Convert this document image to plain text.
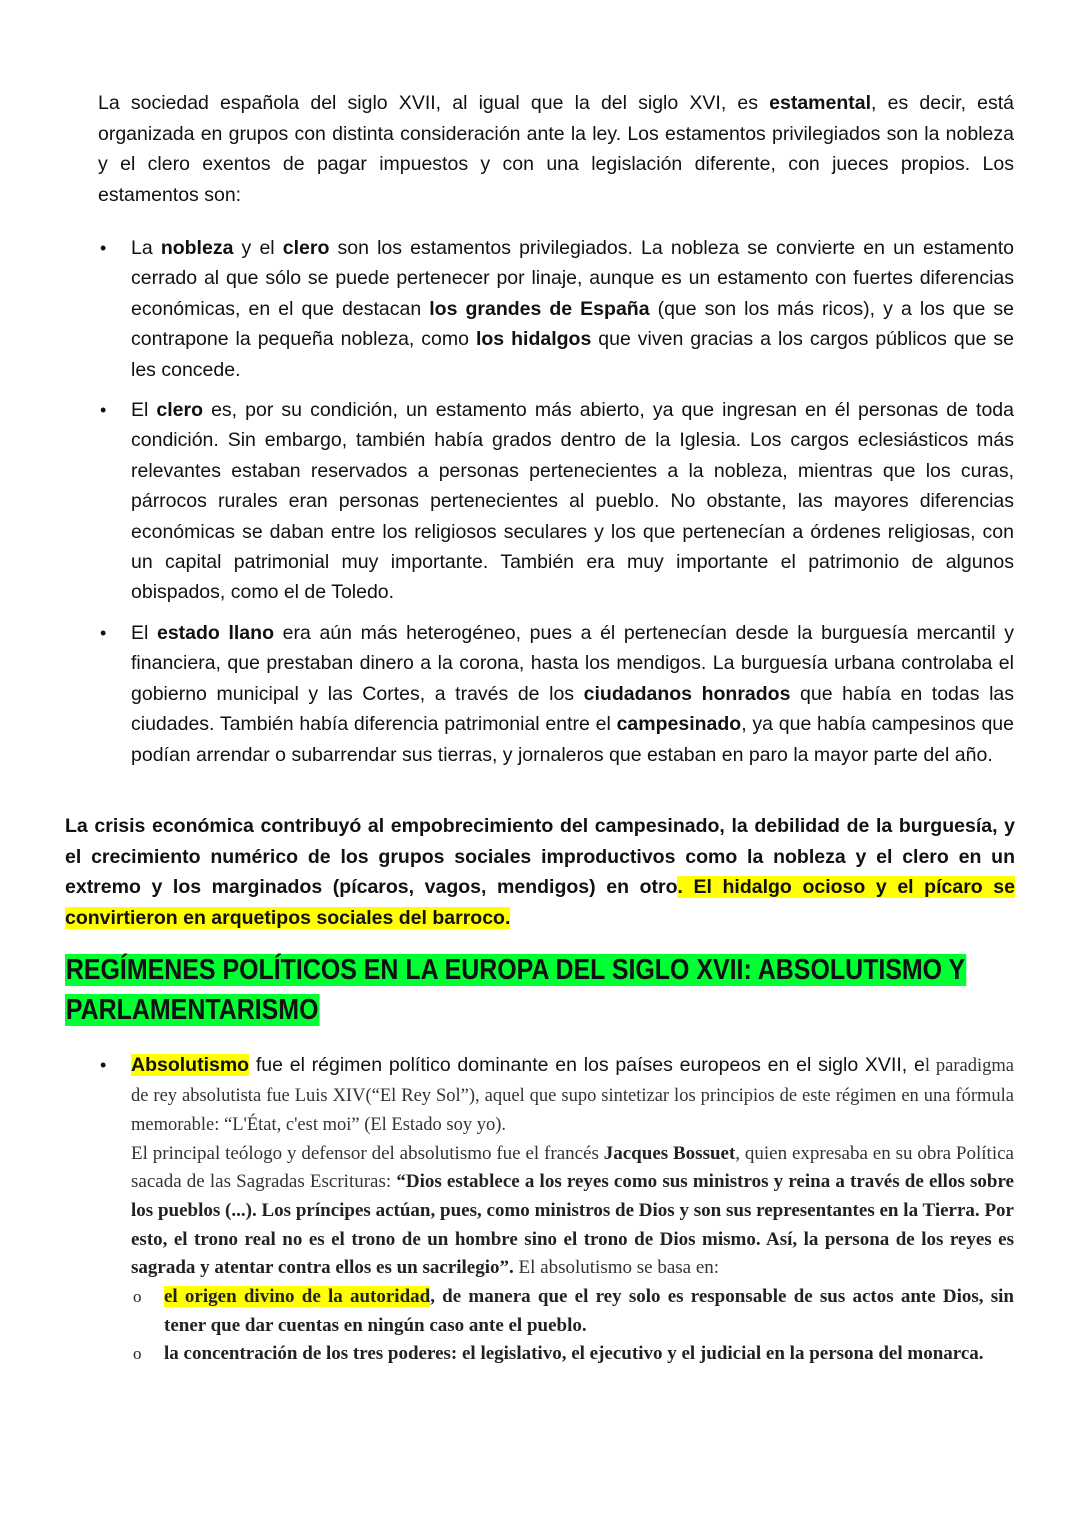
La sociedad española del siglo XVII, al igual que la del siglo XVI, es estamental, es decir, está organizada en grupos con distinta consideración ante la ley. Los estamentos privilegiados son la nobleza y el clero exentos de pagar impuestos y con una legislación diferente, con jueces propios. Los estamentos son:

• La nobleza y el clero son los estamentos privilegiados. La nobleza se convierte en un estamento cerrado al que sólo se puede pertenecer por linaje, aunque es un estamento con fuertes diferencias económicas, en el que destacan los grandes de España (que son los más ricos), y a los que se contrapone la pequeña nobleza, como los hidalgos que viven gracias a los cargos públicos que se les concede.
• El clero es, por su condición, un estamento más abierto, ya que ingresan en él personas de toda condición. Sin embargo, también había grados dentro de la Iglesia. Los cargos eclesiásticos más relevantes estaban reservados a personas pertenecientes a la nobleza, mientras que los curas, párrocos rurales eran personas pertenecientes al pueblo. No obstante, las mayores diferencias económicas se daban entre los religiosos seculares y los que pertenecían a órdenes religiosas, con un capital patrimonial muy importante. También era muy importante el patrimonio de algunos obispados, como el de Toledo.
• El estado llano era aún más heterogéneo, pues a él pertenecían desde la burguesía mercantil y financiera, que prestaban dinero a la corona, hasta los mendigos. La burguesía urbana controlaba el gobierno municipal y las Cortes, a través de los ciudadanos honrados que había en todas las ciudades. También había diferencia patrimonial entre el campesinado, ya que había campesinos que podían arrendar o subarrendar sus tierras, y jornaleros que estaban en paro la mayor parte del año.

La crisis económica contribuyó al empobrecimiento del campesinado, la debilidad de la burguesía, y el crecimiento numérico de los grupos sociales improductivos como la nobleza y el clero en un extremo y los marginados (pícaros, vagos, mendigos) en otro. El hidalgo ocioso y el pícaro se convirtieron en arquetipos sociales del barroco.

REGÍMENES POLÍTICOS EN LA EUROPA DEL SIGLO XVII: ABSOLUTISMO Y
PARLAMENTARISMO
• Absolutismo fue el régimen político dominante en los países europeos en el siglo XVII, el paradigma de rey absolutista fue Luis XIV(“El Rey Sol”), aquel que supo sintetizar los principios de este régimen en una fórmula memorable: “L'État, c'est moi” (El Estado soy yo).

El principal teólogo y defensor del absolutismo fue el francés Jacques Bossuet, quien expresaba en su obra Política sacada de las Sagradas Escrituras: “Dios establece a los reyes como sus ministros y reina a través de ellos sobre los pueblos (...). Los príncipes actúan, pues, como ministros de Dios y son sus representantes en la Tierra. Por esto, el trono real no es el trono de un hombre sino el trono de Dios mismo. Así, la persona de los reyes es sagrada y atentar contra ellos es un sacrilegio”. El absolutismo se basa en:

o el origen divino de la autoridad, de manera que el rey solo es responsable de sus actos ante Dios, sin tener que dar cuentas en ningún caso ante el pueblo.
o la concentración de los tres poderes: el legislativo, el ejecutivo y el judicial en la persona del monarca.
